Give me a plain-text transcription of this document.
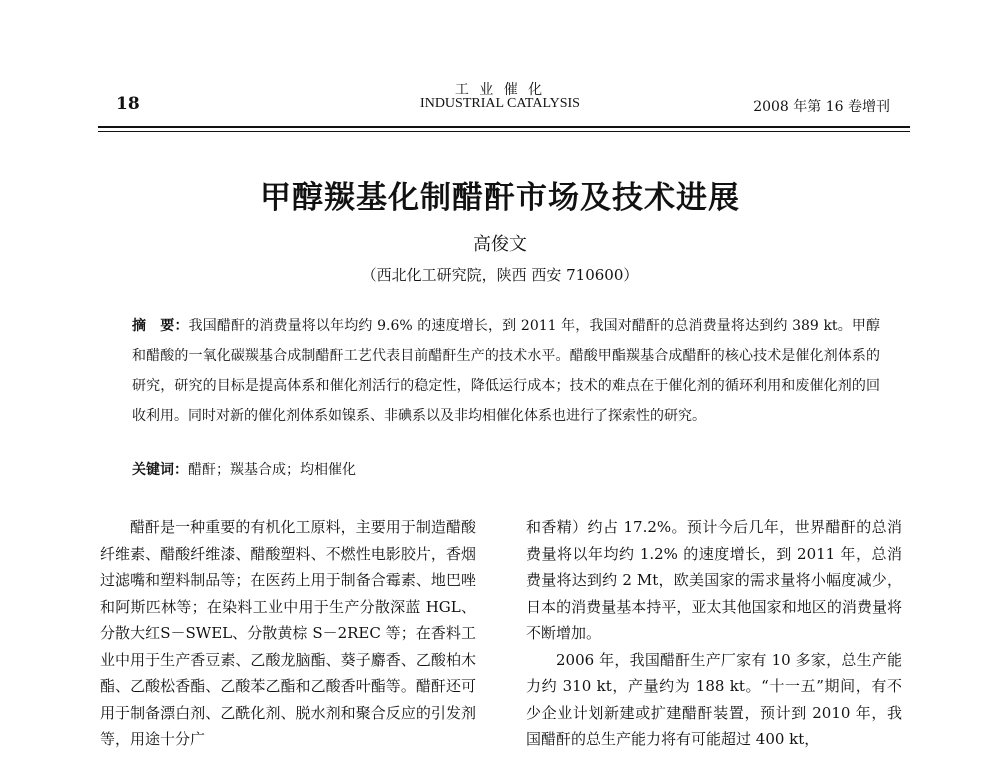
18
工 业 催 化
INDUSTRIAL CATALYSIS	2008 年第 16 卷增刊
甲醇羰基化制醋酐市场及技术进展
高俊文
（西北化工研究院，陕西 西安 710600）
摘　要：我国醋酐的消费量将以年均约 9.6% 的速度增长，到 2011 年，我国对醋酐的总消费量将达到约 389 kt。甲醇和醋酸的一氧化碳羰基合成制醋酐工艺代表目前醋酐生产的技术水平。醋酸甲酯羰基合成醋酐的核心技术是催化剂体系的研究，研究的目标是提高体系和催化剂活行的稳定性，降低运行成本；技术的难点在于催化剂的循环利用和废催化剂的回收利用。同时对新的催化剂体系如镍系、非碘系以及非均相催化体系也进行了探索性的研究。
关键词：醋酐；羰基合成；均相催化

醋酐是一种重要的有机化工原料，主要用于制造醋酸纤维素、醋酸纤维漆、醋酸塑料、不燃性电影胶片，香烟过滤嘴和塑料制品等；在医药上用于制备合霉素、地巴唑和阿斯匹林等；在染料工业中用于生产分散深蓝 HGL、分散大红S－SWEL、分散黄棕 S－2REC 等；在香料工业中用于生产香豆素、乙酸龙脑酯、葵子麝香、乙酸柏木酯、乙酸松香酯、乙酸苯乙酯和乙酸香叶酯等。醋酐还可用于制备漂白剂、乙酰化剂、脱水剂和聚合反应的引发剂等，用途十分广

和香精）约占 17.2%。预计今后几年，世界醋酐的总消费量将以年均约 1.2% 的速度增长，到 2011 年，总消费量将达到约 2 Mt，欧美国家的需求量将小幅度减少，日本的消费量基本持平，亚太其他国家和地区的消费量将不断增加。

2006 年，我国醋酐生产厂家有 10 多家，总生产能力约 310 kt，产量约为 188 kt。“十一五”期间，有不少企业计划新建或扩建醋酐装置，预计到 2010 年，我国醋酐的总生产能力将有可能超过 400 kt，
